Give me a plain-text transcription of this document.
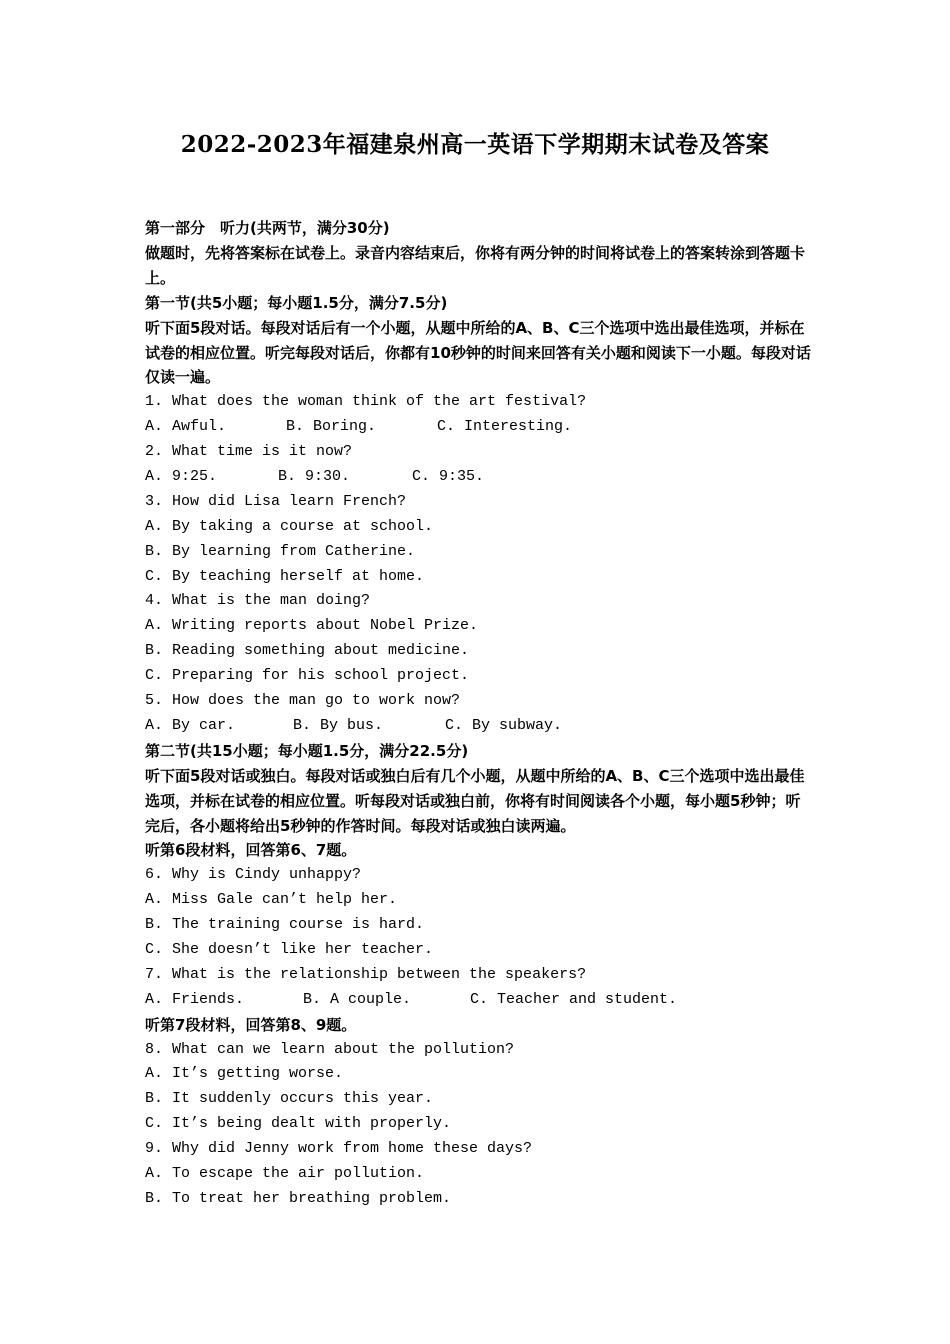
2022-2023年福建泉州高一英语下学期期末试卷及答案
第一部分　听力(共两节，满分30分)
做题时，先将答案标在试卷上。录音内容结束后，你将有两分钟的时间将试卷上的答案转涂到答题卡上。
第一节(共5小题；每小题1.5分，满分7.5分)
听下面5段对话。每段对话后有一个小题，从题中所给的A、B、C三个选项中选出最佳选项，并标在试卷的相应位置。听完每段对话后，你都有10秒钟的时间来回答有关小题和阅读下一小题。每段对话仅读一遍。
1. What does the woman think of the art festival?
A. Awful.	B. Boring.	C. Interesting.
2. What time is it now?
A. 9:25.	B. 9:30.	C. 9:35.
3. How did Lisa learn French?
A. By taking a course at school.
B. By learning from Catherine.
C. By teaching herself at home.
4. What is the man doing?
A. Writing reports about Nobel Prize.
B. Reading something about medicine.
C. Preparing for his school project.
5. How does the man go to work now?
A. By car.	B. By bus.	C. By subway.
第二节(共15小题；每小题1.5分，满分22.5分)
听下面5段对话或独白。每段对话或独白后有几个小题，从题中所给的A、B、C三个选项中选出最佳选项，并标在试卷的相应位置。听每段对话或独白前，你将有时间阅读各个小题，每小题5秒钟；听完后，各小题将给出5秒钟的作答时间。每段对话或独白读两遍。
听第6段材料，回答第6、7题。
6. Why is Cindy unhappy?
A. Miss Gale can’t help her.
B. The training course is hard.
C. She doesn’t like her teacher.
7. What is the relationship between the speakers?
A. Friends.	B. A couple.	C. Teacher and student.
听第7段材料，回答第8、9题。
8. What can we learn about the pollution?
A. It’s getting worse.
B. It suddenly occurs this year.
C. It’s being dealt with properly.
9. Why did Jenny work from home these days?
A. To escape the air pollution.
B. To treat her breathing problem.
